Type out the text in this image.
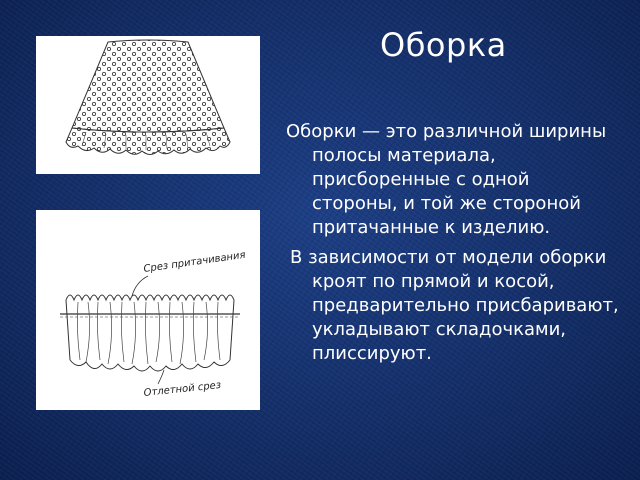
Оборка
Срез притачивания
Отлетной срез

Оборки — это различной ширины полосы материала, присборенные с одной стороны, и той же стороной притачанные к изделию.

В зависимости от модели оборки кроят по прямой и косой, предварительно присбаривают, укладывают складочками, плиссируют.
